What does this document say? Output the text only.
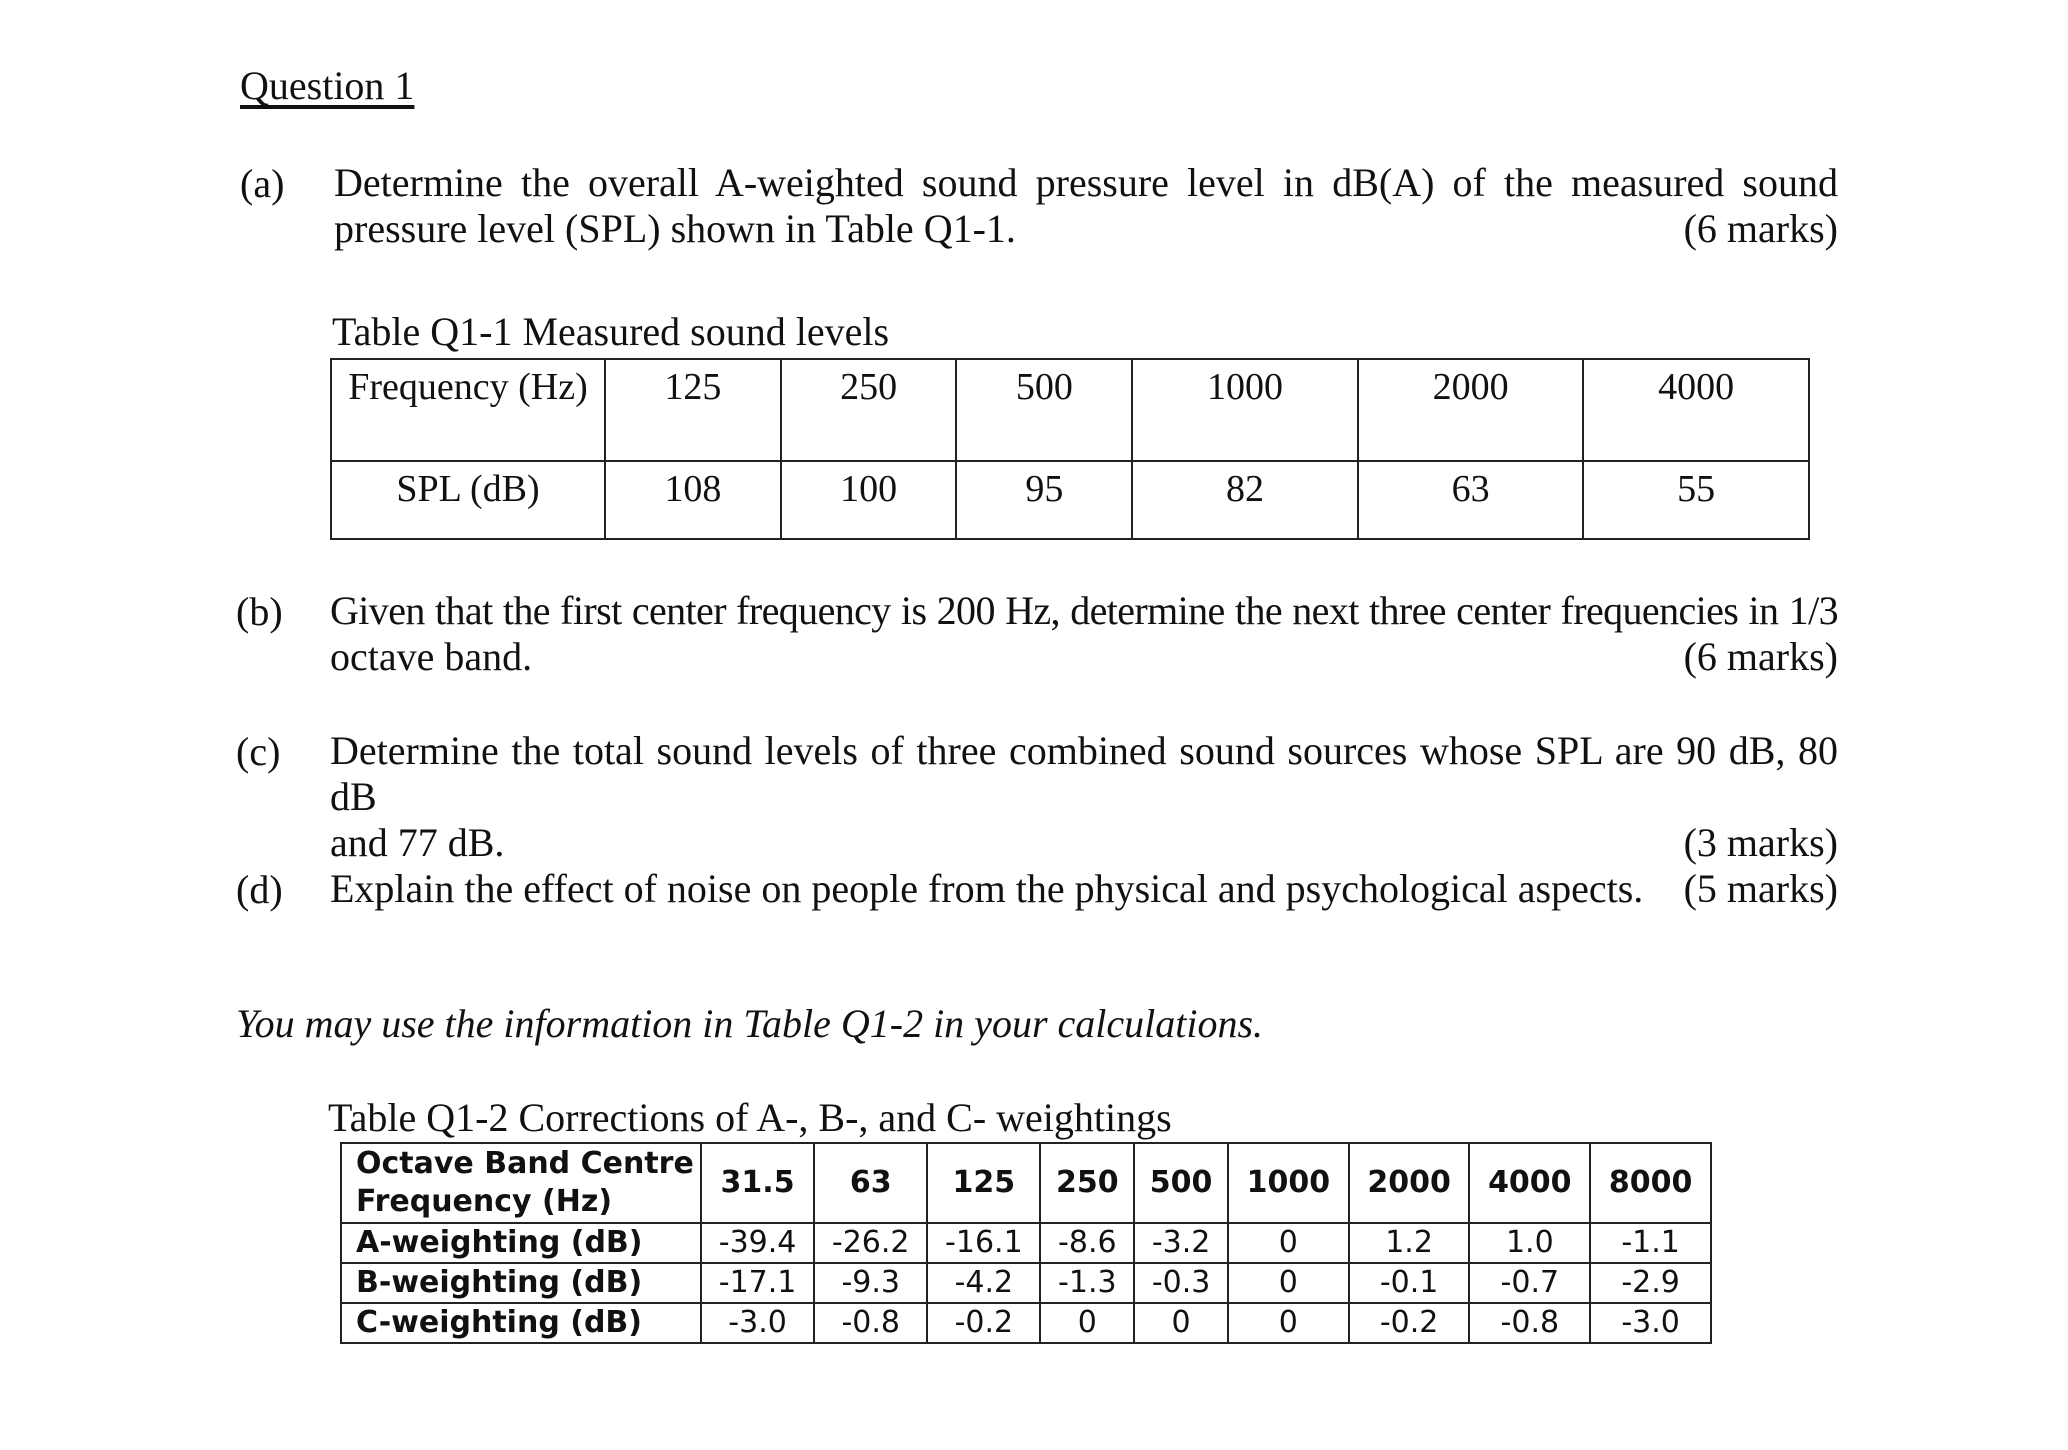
Question 1
(a) Determine the overall A-weighted sound pressure level in dB(A) of the measured sound
pressure level (SPL) shown in Table Q1-1.	(6 marks)
Table Q1-1 Measured sound levels
Frequency (Hz)	125	250	500	1000	2000	4000
SPL (dB)	108	100	95	82	63	55
(b) Given that the first center frequency is 200 Hz, determine the next three center frequencies in 1/3
octave band.	(6 marks)
(c) Determine the total sound levels of three combined sound sources whose SPL are 90 dB, 80 dB
and 77 dB.	(3 marks)
(d) Explain the effect of noise on people from the physical and psychological aspects. (5 marks)
You may use the information in Table Q1-2 in your calculations.
Table Q1-2 Corrections of A-, B-, and C- weightings
Octave Band Centre Frequency (Hz)	31.5	63	125	250	500	1000	2000	4000	8000
A-weighting (dB)	-39.4	-26.2	-16.1	-8.6	-3.2	0	1.2	1.0	-1.1
B-weighting (dB)	-17.1	-9.3	-4.2	-1.3	-0.3	0	-0.1	-0.7	-2.9
C-weighting (dB)	-3.0	-0.8	-0.2	0	0	0	-0.2	-0.8	-3.0
